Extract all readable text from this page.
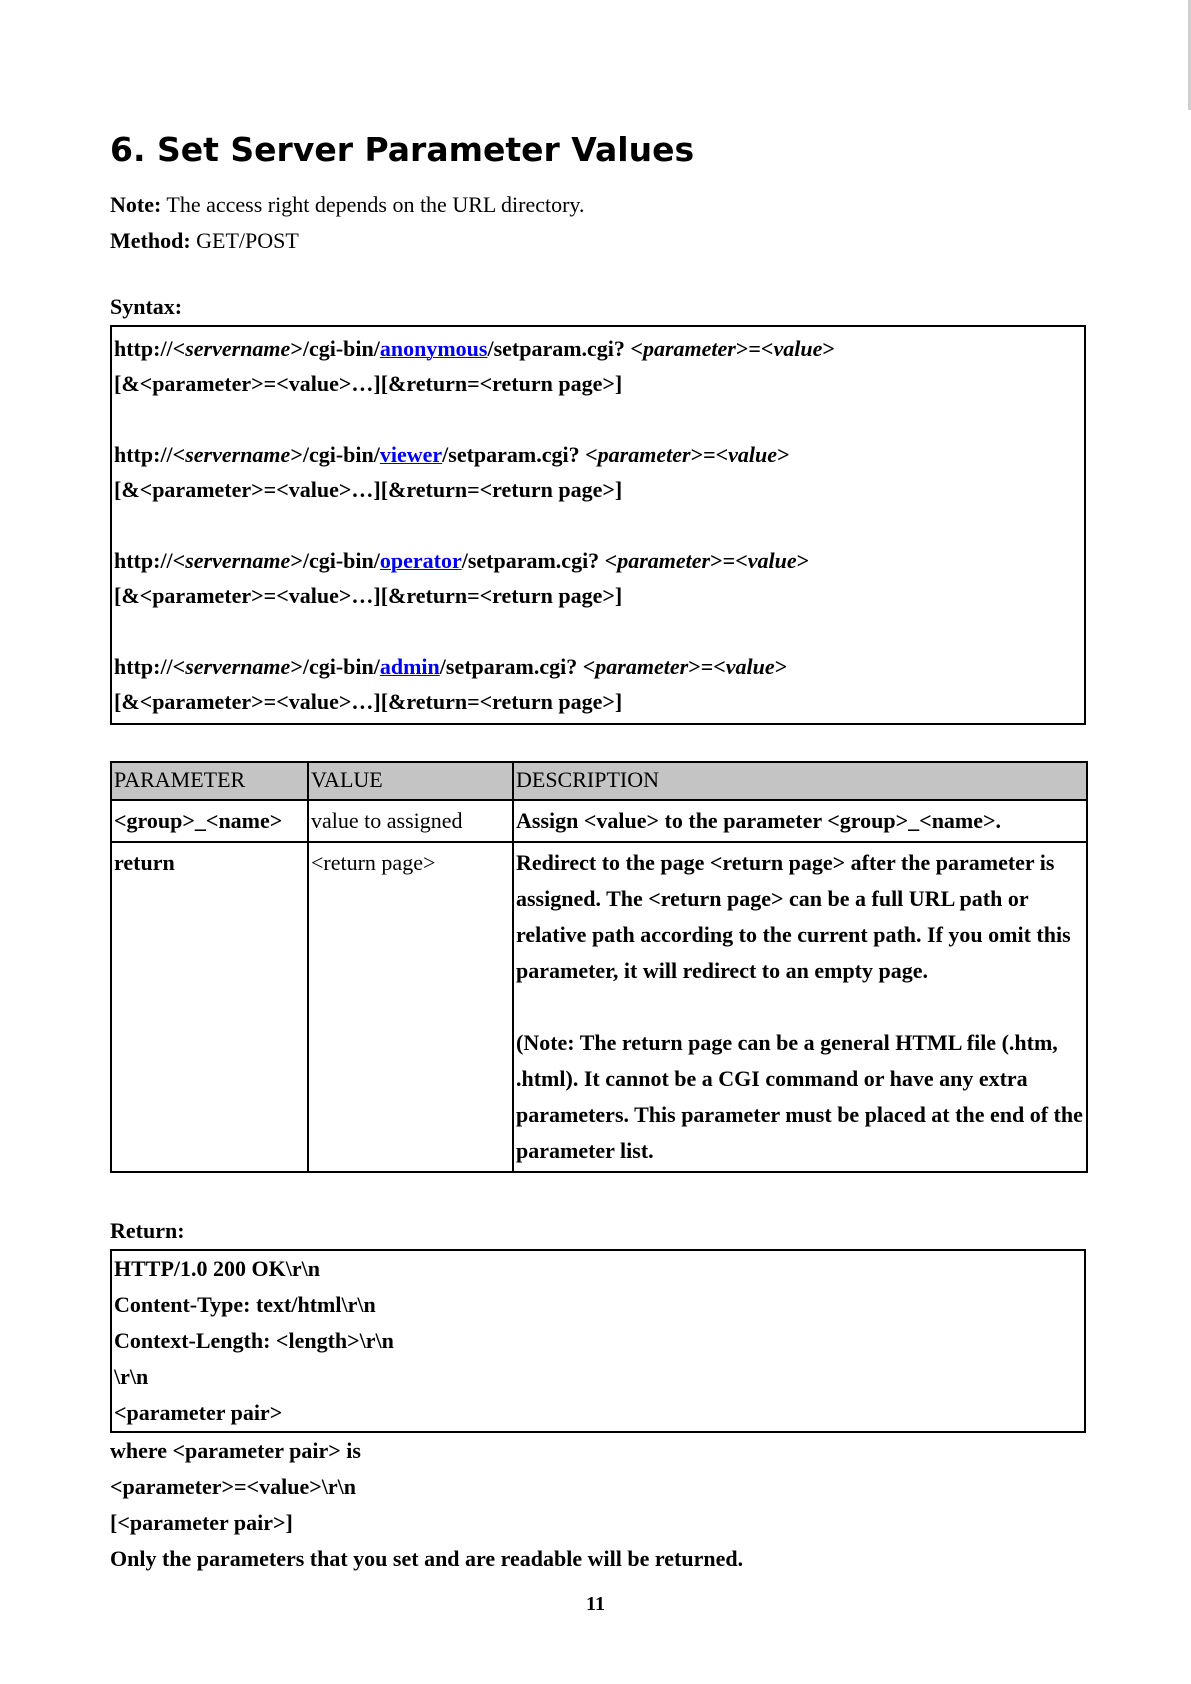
6. Set Server Parameter Values

Note: The access right depends on the URL directory.

Method: GET/POST

Syntax:

http://<servername>/cgi-bin/anonymous/setparam.cgi? <parameter>=<value>
[&<parameter>=<value>…][&return=<return page>]
http://<servername>/cgi-bin/viewer/setparam.cgi? <parameter>=<value>
[&<parameter>=<value>…][&return=<return page>]
http://<servername>/cgi-bin/operator/setparam.cgi? <parameter>=<value>
[&<parameter>=<value>…][&return=<return page>]
http://<servername>/cgi-bin/admin/setparam.cgi? <parameter>=<value>
[&<parameter>=<value>…][&return=<return page>]
PARAMETER	VALUE	DESCRIPTION
<group>_<name>	value to assigned	Assign <value> to the parameter <group>_<name>.
return	<return page>	Redirect to the page <return page> after the parameter is assigned. The <return page> can be a full URL path or relative path according to the current path. If you omit this parameter, it will redirect to an empty page.
(Note: The return page can be a general HTML file (.htm, .html). It cannot be a CGI command or have any extra parameters. This parameter must be placed at the end of the parameter list.
Return:
HTTP/1.0 200 OK\r\n
Content-Type: text/html\r\n
Context-Length: <length>\r\n
\r\n
<parameter pair>
where <parameter pair> is
<parameter>=<value>\r\n
[<parameter pair>]
Only the parameters that you set and are readable will be returned.
11
